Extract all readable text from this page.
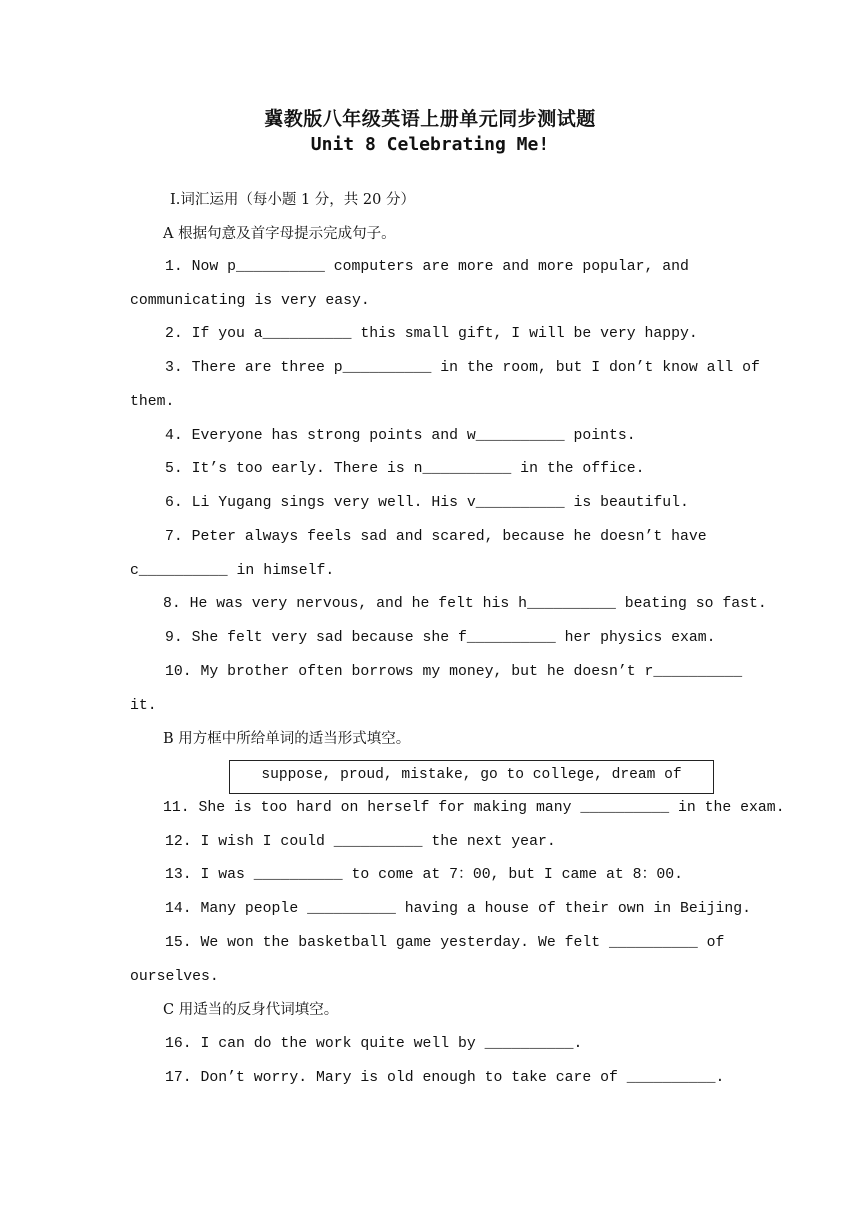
冀教版八年级英语上册单元同步测试题
Unit 8 Celebrating Me!
Ⅰ.词汇运用（每小题 1 分，共 20 分）
A 根据句意及首字母提示完成句子。
1. Now p__________ computers are more and more popular, and
communicating is very easy.
2. If you a__________ this small gift, I will be very happy.
3. There are three p__________ in the room, but I don’t know all of
them.
4. Everyone has strong points and w__________ points.
5. It’s too early. There is n__________ in the office.
6. Li Yugang sings very well. His v__________ is beautiful.
7. Peter always feels sad and scared, because he doesn’t have
c__________ in himself.
8. He was very nervous, and he felt his h__________ beating so fast.
9. She felt very sad because she f__________ her physics exam.
10. My brother often borrows my money, but he doesn’t r__________
it.
B 用方框中所给单词的适当形式填空。
suppose, proud, mistake, go to college, dream of
11. She is too hard on herself for making many __________ in the exam.
12. I wish I could __________ the next year.
13. I was __________ to come at 7：00, but I came at 8：00.
14. Many people __________ having a house of their own in Beijing.
15. We won the basketball game yesterday. We felt __________ of
ourselves.
C 用适当的反身代词填空。
16. I can do the work quite well by __________.
17. Don’t worry. Mary is old enough to take care of __________.
